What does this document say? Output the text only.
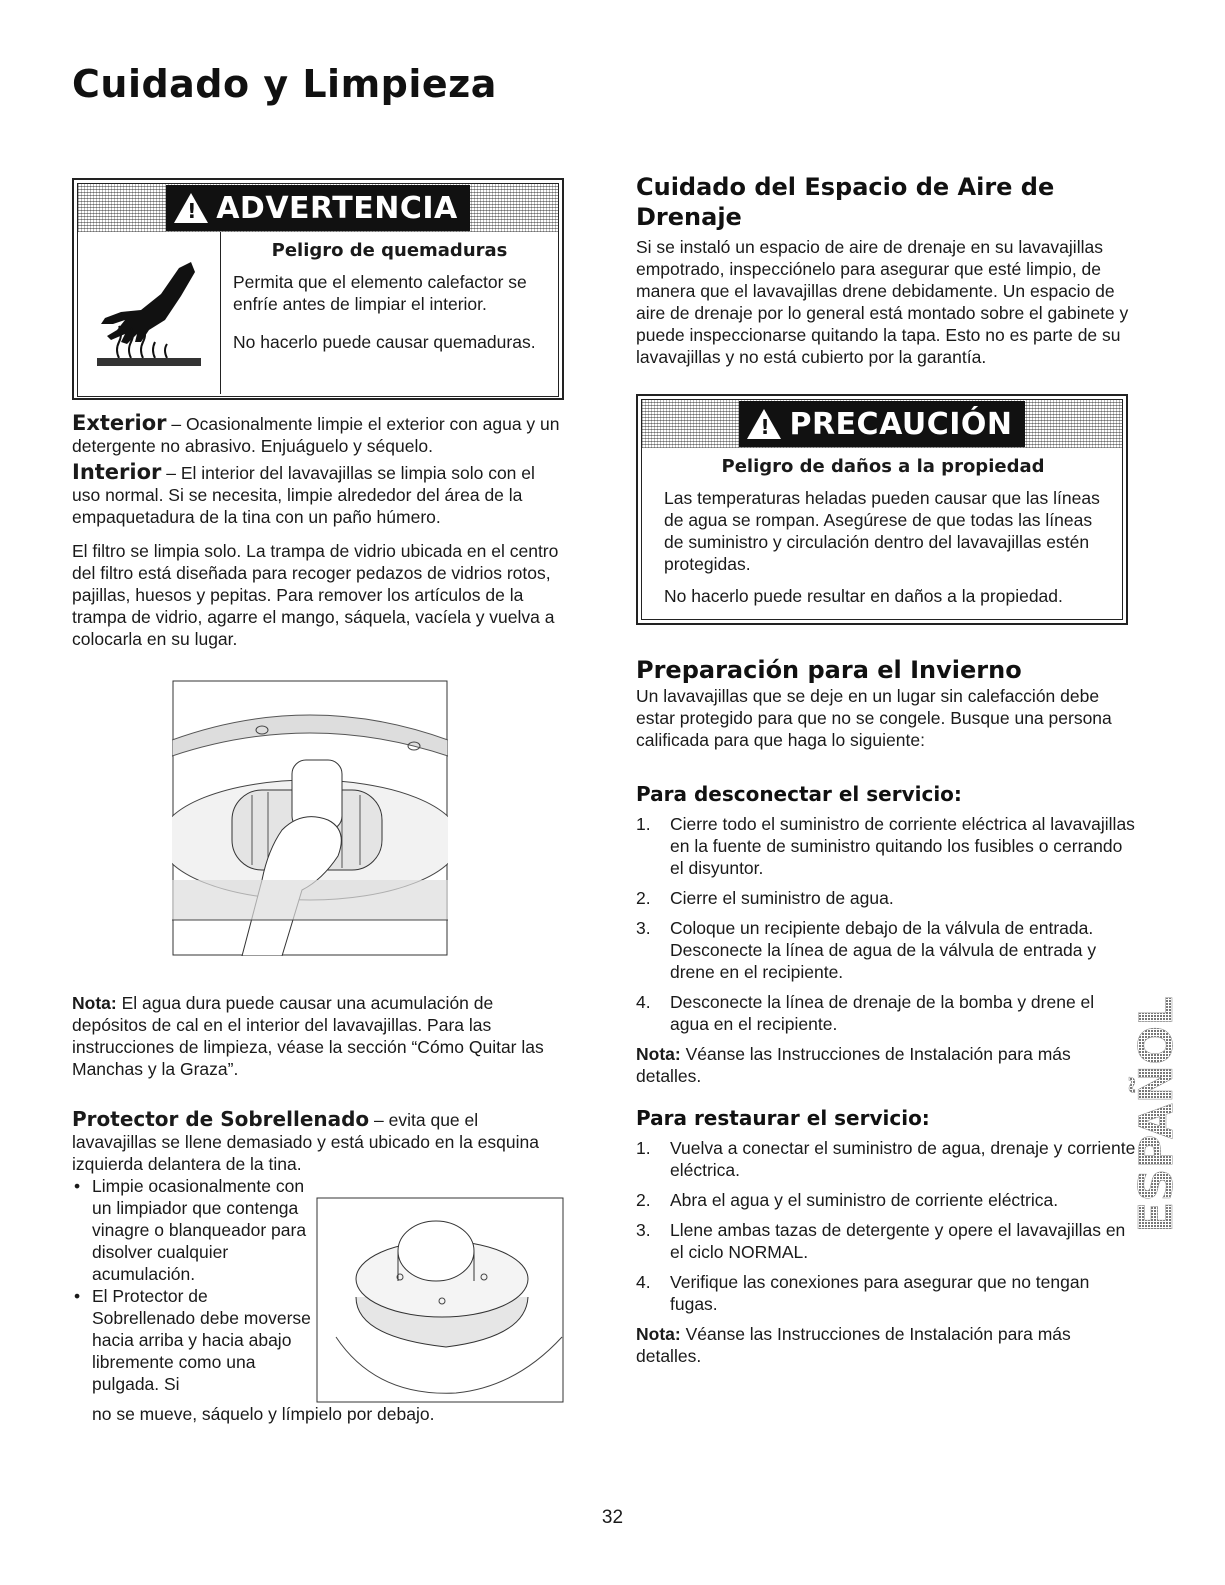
Cuidado y Limpieza
!
ADVERTENCIA
Peligro de quemaduras

Permita que el elemento calefactor se enfríe antes de limpiar el interior.

No hacerlo puede causar quemaduras.

Exterior – Ocasionalmente limpie el exterior con agua y un detergente no abrasivo. Enjuáguelo y séquelo.

Interior – El interior del lavavajillas se limpia solo con el uso normal. Si se necesita, limpie alrededor del área de la empaquetadura de la tina con un paño húmero.

El filtro se limpia solo. La trampa de vidrio ubicada en el centro del filtro está diseñada para recoger pedazos de vidrios rotos, pajillas, huesos y pepitas. Para remover los artículos de la trampa de vidrio, agarre el mango, sáquela, vacíela y vuelva a colocarla en su lugar.

Nota: El agua dura puede causar una acumulación de depósitos de cal en el interior del lavavajillas. Para las instrucciones de limpieza, véase la sección “Cómo Quitar las Manchas y la Graza”.

Protector de Sobrellenado – evita que el lavavajillas se llene demasiado y está ubicado en la esquina izquierda delantera de la tina.

• Limpie ocasionalmente con un limpiador que contenga vinagre o blanqueador para disolver cualquier acumulación.
• El Protector de Sobrellenado debe moverse hacia arriba y hacia abajo libremente como una pulgada. Si

no se mueve, sáquelo y límpielo por debajo.

Cuidado del Espacio de Aire de Drenaje

Si se instaló un espacio de aire de drenaje en su lavavajillas empotrado, inspecciónelo para asegurar que esté limpio, de manera que el lavavajillas drene debidamente. Un espacio de aire de drenaje por lo general está montado sobre el gabinete y puede inspeccionarse quitando la tapa. Esto no es parte de su lavavajillas y no está cubierto por la garantía.

!
PRECAUCIÓN
Peligro de daños a la propiedad

Las temperaturas heladas pueden causar que las líneas de agua se rompan. Asegúrese de que todas las líneas de suministro y circulación dentro del lavavajillas estén protegidas.

No hacerlo puede resultar en daños a la propiedad.

Preparación para el Invierno

Un lavavajillas que se deje en un lugar sin calefacción debe estar protegido para que no se congele. Busque una persona calificada para que haga lo siguiente:

Para desconectar el servicio:
1.	Cierre todo el suministro de corriente eléctrica al lavavajillas en la fuente de suministro quitando los fusibles o cerrando el disyuntor.
2.	Cierre el suministro de agua.
3.	Coloque un recipiente debajo de la válvula de entrada. Desconecte la línea de agua de la válvula de entrada y drene en el recipiente.
4.	Desconecte la línea de drenaje de la bomba y drene el agua en el recipiente.

Nota: Véanse las Instrucciones de Instalación para más detalles.

Para restaurar el servicio:
1.	Vuelva a conectar el suministro de agua, drenaje y corriente eléctrica.
2.	Abra el agua y el suministro de corriente eléctrica.
3.	Llene ambas tazas de detergente y opere el lavavajillas en el ciclo NORMAL.
4.	Verifique las conexiones para asegurar que no tengan fugas.

Nota: Véanse las Instrucciones de Instalación para más detalles.

ESPAÑOL
32
